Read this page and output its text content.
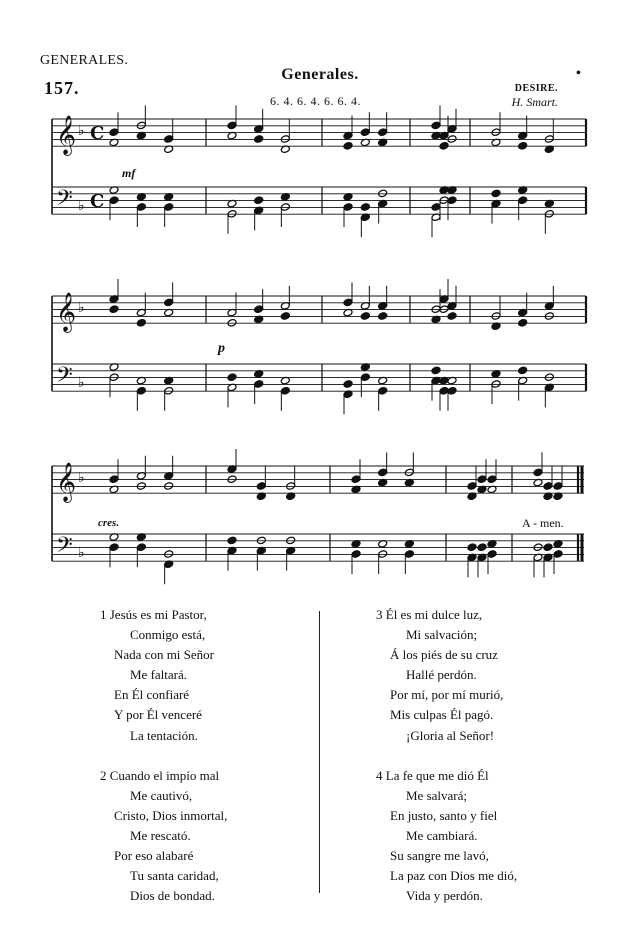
GENERALES.
157.
Generales.	•
6. 4. 6. 4. 6. 6. 4.
DESIRE.
H. Smart.
𝄞 ♭ C
𝄢 ♭ C
𝄞 ♭
𝄢 ♭
𝄞 ♭
𝄢 ♭
mf
p
cres.	A - men.
1 Jesús es mi Pastor,
Conmigo está,
Nada con mi Señor
Me faltará.
En Él confiaré
Y por Él venceré
La tentación.
2 Cuando el impío mal
Me cautivó,
Cristo, Dios inmortal,
Me rescató.
Por eso alabaré
Tu santa caridad,
Dios de bondad.
3 Él es mi dulce luz,
Mi salvación;
Á los piés de su cruz
Hallé perdón.
Por mí, por mí murió,
Mis culpas Él pagó.
¡Gloria al Señor!
4 La fe que me dió Él
Me salvará;
En justo, santo y fiel
Me cambiará.
Su sangre me lavó,
La paz con Dios me dió,
Vida y perdón.
